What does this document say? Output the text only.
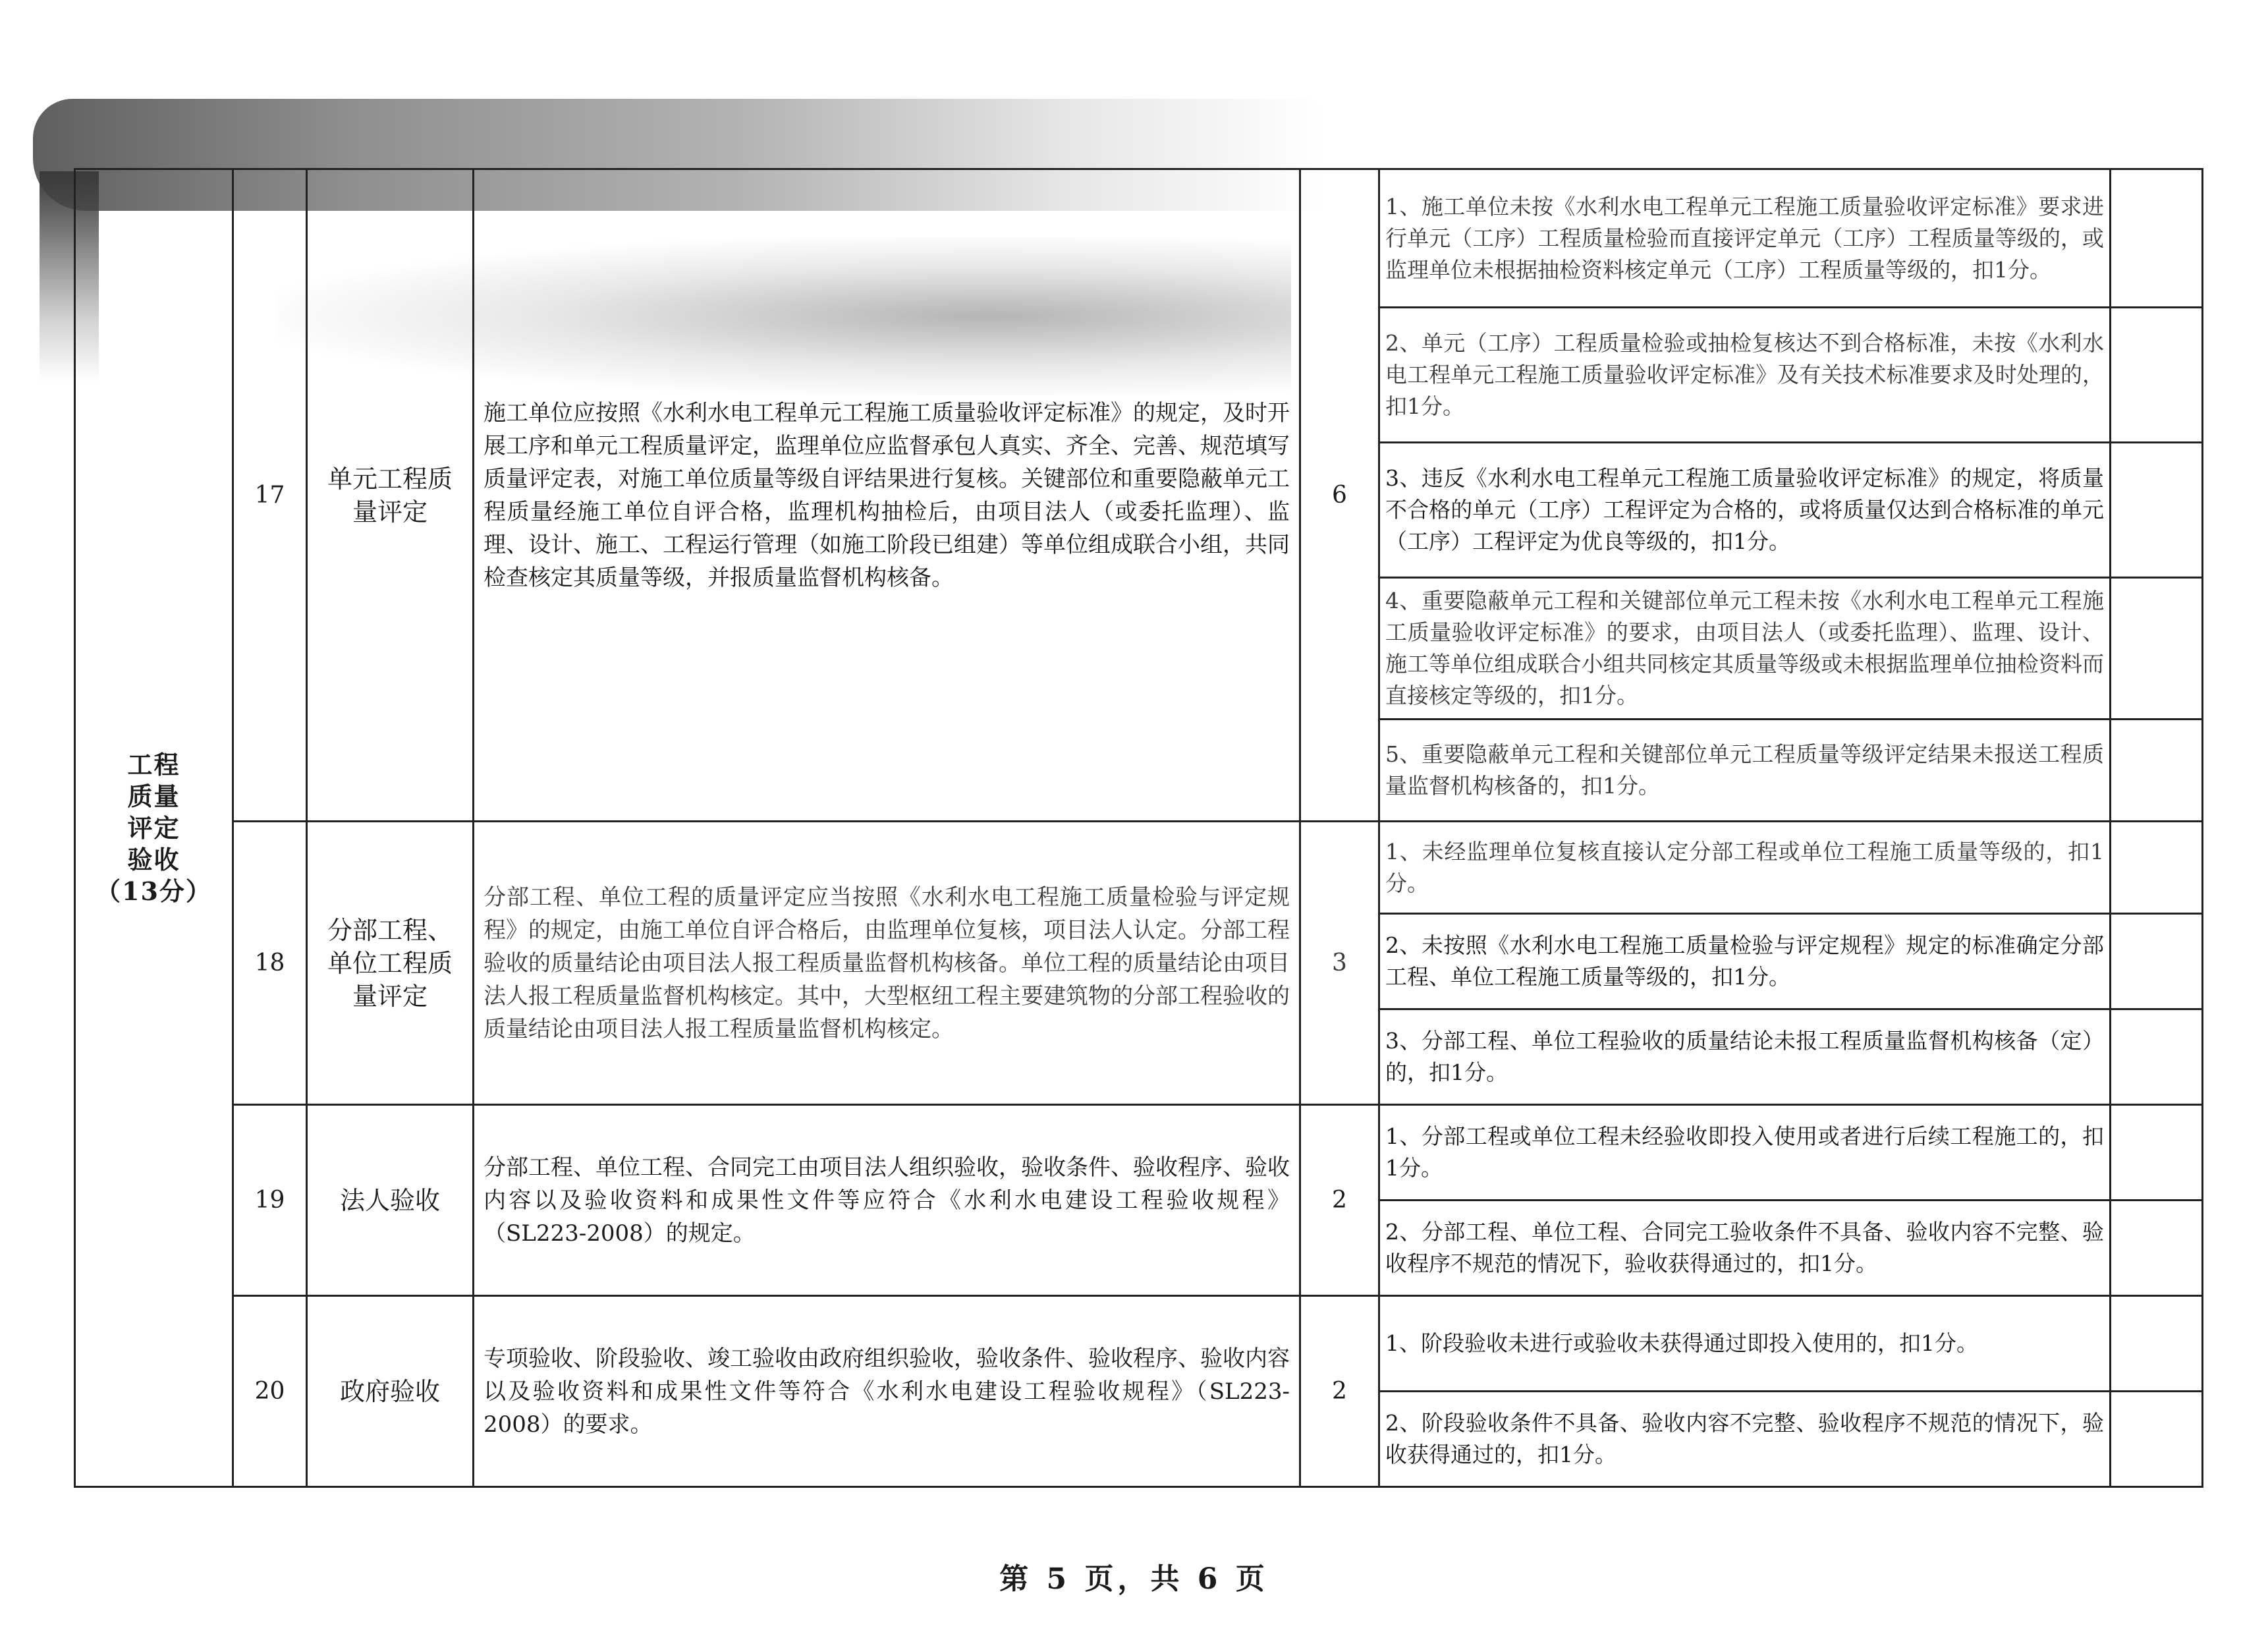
工程
质量
评定
验收
（13分）	17	单元工程质量评定	施工单位应按照《水利水电工程单元工程施工质量验收评定标准》的规定，及时开展工序和单元工程质量评定，监理单位应监督承包人真实、齐全、完善、规范填写质量评定表，对施工单位质量等级自评结果进行复核。关键部位和重要隐蔽单元工程质量经施工单位自评合格，监理机构抽检后，由项目法人（或委托监理）、监理、设计、施工、工程运行管理（如施工阶段已组建）等单位组成联合小组，共同检查核定其质量等级，并报质量监督机构核备。	6	1、施工单位未按《水利水电工程单元工程施工质量验收评定标准》要求进行单元（工序）工程质量检验而直接评定单元（工序）工程质量等级的，或监理单位未根据抽检资料核定单元（工序）工程质量等级的，扣1分。	
					2、单元（工序）工程质量检验或抽检复核达不到合格标准，未按《水利水电工程单元工程施工质量验收评定标准》及有关技术标准要求及时处理的，扣1分。	
					3、违反《水利水电工程单元工程施工质量验收评定标准》的规定，将质量不合格的单元（工序）工程评定为合格的，或将质量仅达到合格标准的单元（工序）工程评定为优良等级的，扣1分。	
					4、重要隐蔽单元工程和关键部位单元工程未按《水利水电工程单元工程施工质量验收评定标准》的要求，由项目法人（或委托监理）、监理、设计、施工等单位组成联合小组共同核定其质量等级或未根据监理单位抽检资料而直接核定等级的，扣1分。	
					5、重要隐蔽单元工程和关键部位单元工程质量等级评定结果未报送工程质量监督机构核备的，扣1分。	
	18	分部工程、单位工程质量评定	分部工程、单位工程的质量评定应当按照《水利水电工程施工质量检验与评定规程》的规定，由施工单位自评合格后，由监理单位复核，项目法人认定。分部工程验收的质量结论由项目法人报工程质量监督机构核备。单位工程的质量结论由项目法人报工程质量监督机构核定。其中，大型枢纽工程主要建筑物的分部工程验收的质量结论由项目法人报工程质量监督机构核定。	3	1、未经监理单位复核直接认定分部工程或单位工程施工质量等级的，扣1分。	
					2、未按照《水利水电工程施工质量检验与评定规程》规定的标准确定分部工程、单位工程施工质量等级的，扣1分。	
					3、分部工程、单位工程验收的质量结论未报工程质量监督机构核备（定）的，扣1分。	
	19	法人验收	分部工程、单位工程、合同完工由项目法人组织验收，验收条件、验收程序、验收内容以及验收资料和成果性文件等应符合《水利水电建设工程验收规程》（SL223-2008）的规定。	2	1、分部工程或单位工程未经验收即投入使用或者进行后续工程施工的，扣1分。	
					2、分部工程、单位工程、合同完工验收条件不具备、验收内容不完整、验收程序不规范的情况下，验收获得通过的，扣1分。	
	20	政府验收	专项验收、阶段验收、竣工验收由政府组织验收，验收条件、验收程序、验收内容以及验收资料和成果性文件等符合《水利水电建设工程验收规程》（SL223-2008）的要求。	2	1、阶段验收未进行或验收未获得通过即投入使用的，扣1分。	
					2、阶段验收条件不具备、验收内容不完整、验收程序不规范的情况下，验收获得通过的，扣1分。	
第 5 页，共 6 页
